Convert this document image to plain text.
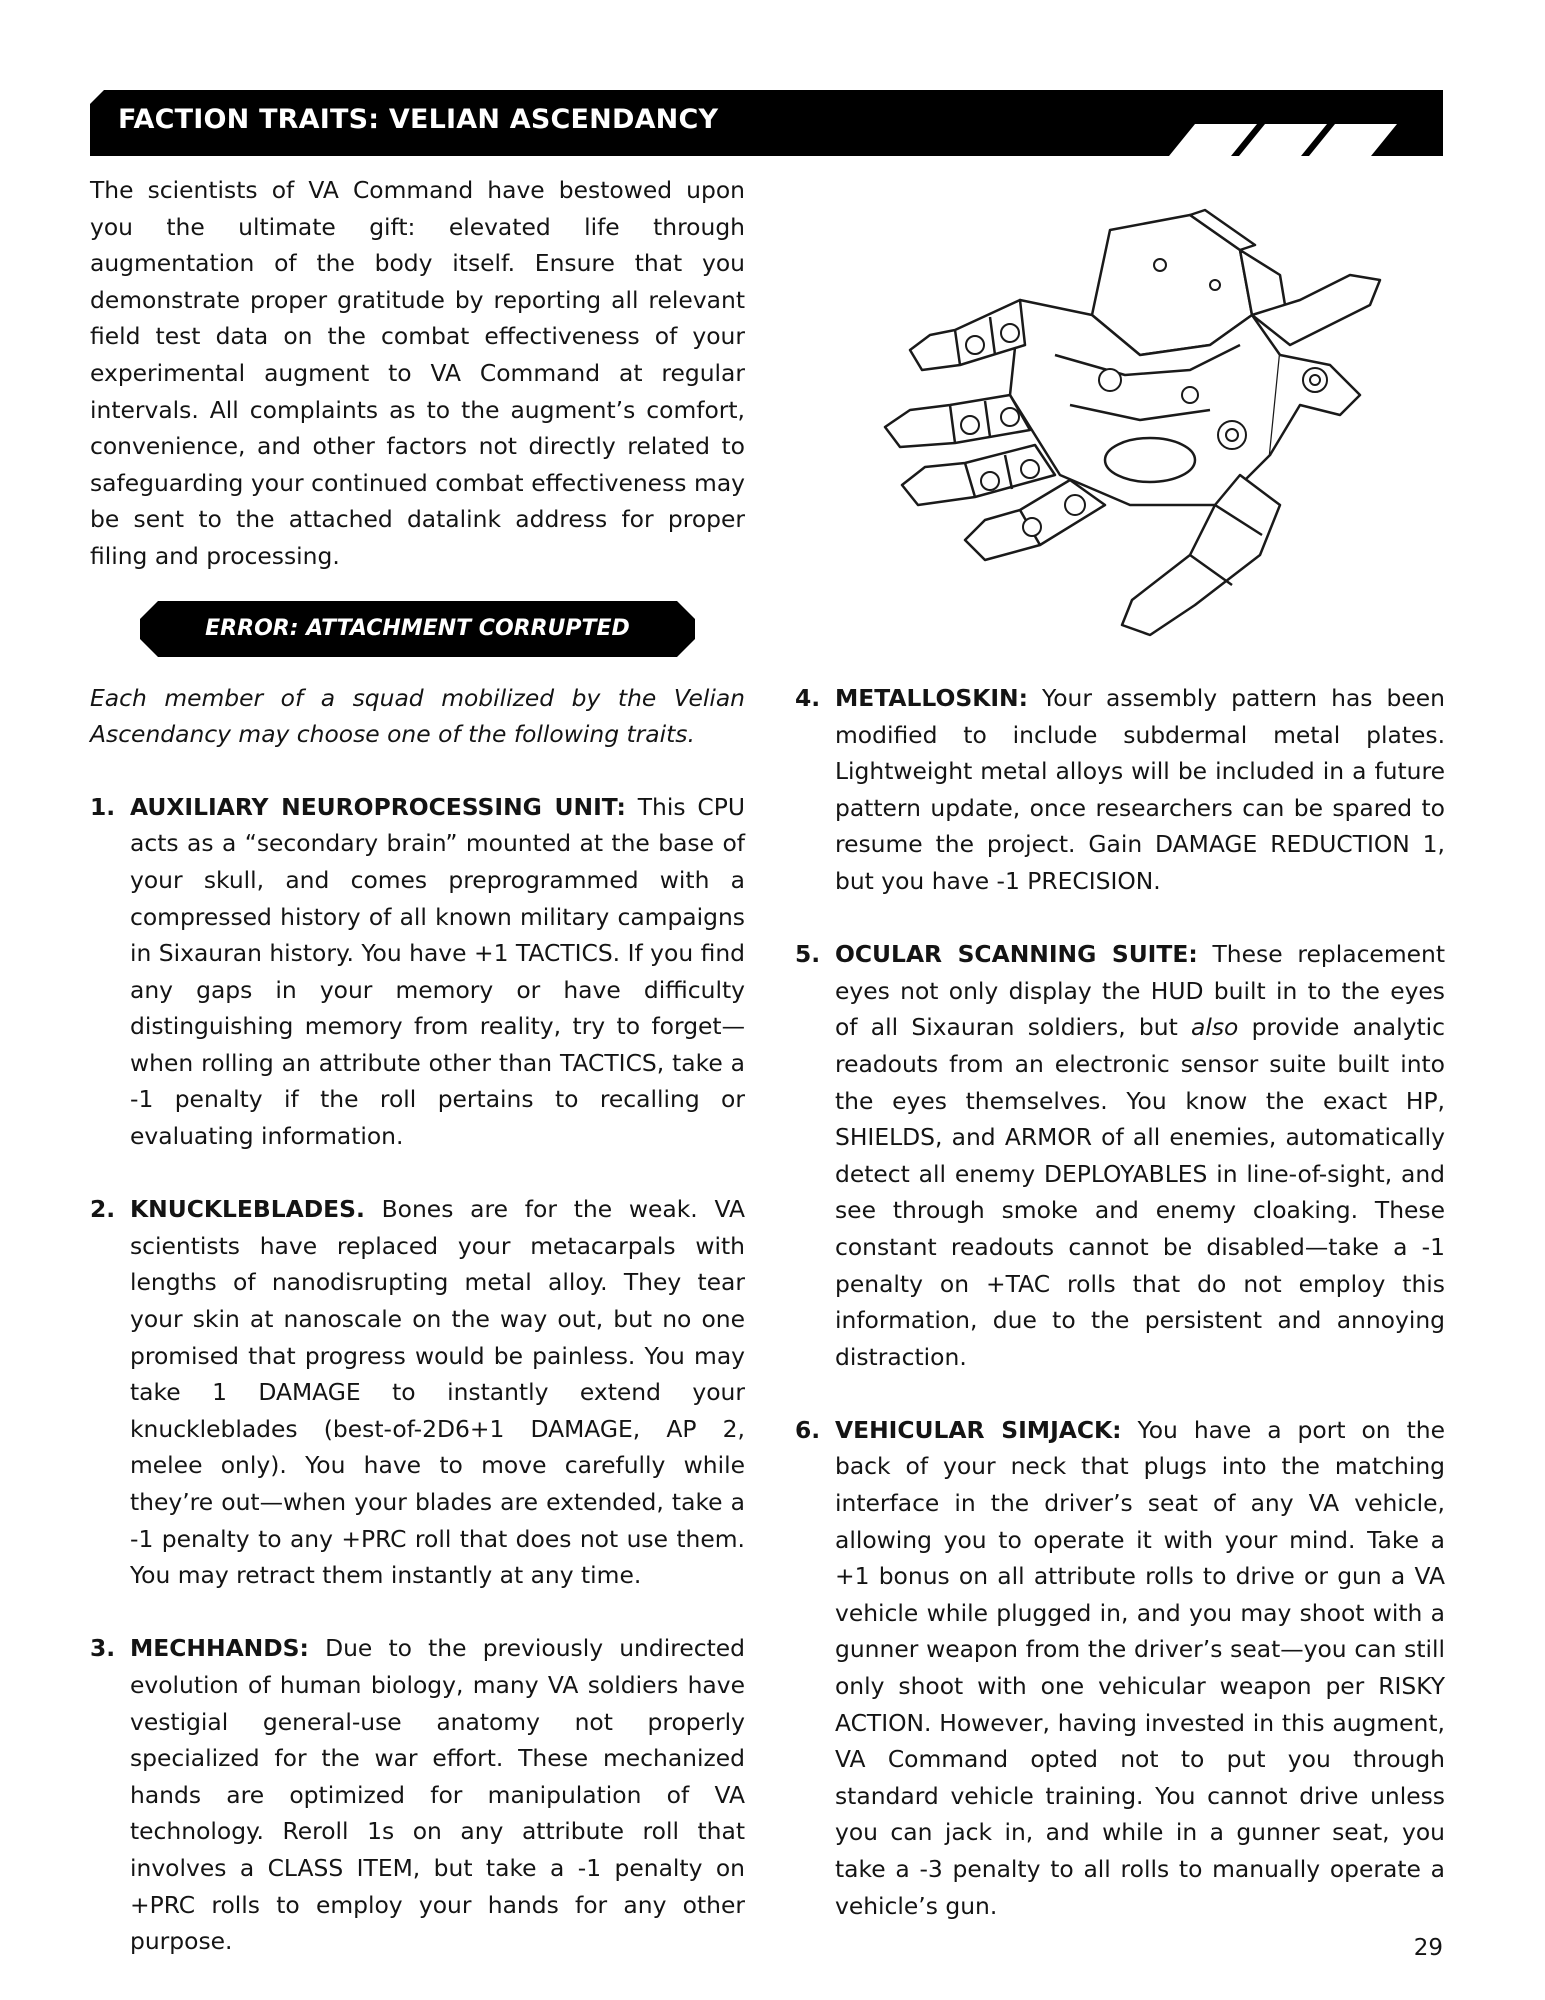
FACTION TRAITS: VELIAN ASCENDANCY

The scientists of VA Command have bestowed upon you the ultimate gift: elevated life through augmentation of the body itself. Ensure that you demonstrate proper gratitude by reporting all relevant field test data on the combat effectiveness of your experimental augment to VA Command at regular intervals. All complaints as to the augment’s comfort, convenience, and other factors not directly related to safeguarding your continued combat effectiveness may be sent to the attached datalink address for proper filing and processing.

ERROR: ATTACHMENT CORRUPTED

Each member of a squad mobilized by the Velian Ascendancy may choose one of the following traits.

1. AUXILIARY NEUROPROCESSING UNIT: This CPU acts as a “secondary brain” mounted at the base of your skull, and comes preprogrammed with a compressed history of all known military campaigns in Sixauran history. You have +1 TACTICS. If you find any gaps in your memory or have difficulty distinguishing memory from reality, try to forget—when rolling an attribute other than TACTICS, take a -1 penalty if the roll pertains to recalling or evaluating information.
2. KNUCKLEBLADES. Bones are for the weak. VA scientists have replaced your metacarpals with lengths of nanodisrupting metal alloy. They tear your skin at nanoscale on the way out, but no one promised that progress would be painless. You may take 1 DAMAGE to instantly extend your knuckleblades (best-of-2D6+1 DAMAGE, AP 2, melee only). You have to move carefully while they’re out—when your blades are extended, take a -1 penalty to any +PRC roll that does not use them. You may retract them instantly at any time.
3. MECHHANDS: Due to the previously undirected evolution of human biology, many VA soldiers have vestigial general-use anatomy not properly specialized for the war effort. These mechanized hands are optimized for manipulation of VA technology. Reroll 1s on any attribute roll that involves a CLASS ITEM, but take a -1 penalty on +PRC rolls to employ your hands for any other purpose.
4. METALLOSKIN: Your assembly pattern has been modified to include subdermal metal plates. Lightweight metal alloys will be included in a future pattern update, once researchers can be spared to resume the project. Gain DAMAGE REDUCTION 1, but you have -1 PRECISION.
5. OCULAR SCANNING SUITE: These replacement eyes not only display the HUD built in to the eyes of all Sixauran soldiers, but also provide analytic readouts from an electronic sensor suite built into the eyes themselves. You know the exact HP, SHIELDS, and ARMOR of all enemies, automatically detect all enemy DEPLOYABLES in line-of-sight, and see through smoke and enemy cloaking. These constant readouts cannot be disabled—take a -1 penalty on +TAC rolls that do not employ this information, due to the persistent and annoying distraction.
6. VEHICULAR SIMJACK: You have a port on the back of your neck that plugs into the matching interface in the driver’s seat of any VA vehicle, allowing you to operate it with your mind. Take a +1 bonus on all attribute rolls to drive or gun a VA vehicle while plugged in, and you may shoot with a gunner weapon from the driver’s seat—you can still only shoot with one vehicular weapon per RISKY ACTION. However, having invested in this augment, VA Command opted not to put you through standard vehicle training. You cannot drive unless you can jack in, and while in a gunner seat, you take a -3 penalty to all rolls to manually operate a vehicle’s gun.
29
